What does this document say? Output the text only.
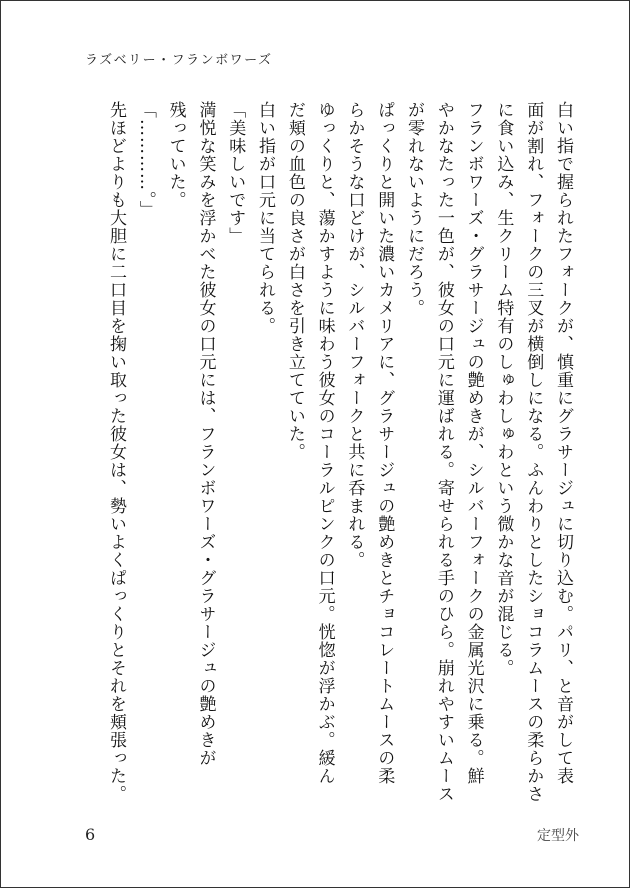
ラズベリー・フランボワーズ

白い指で握られたフォークが、慎重にグラサージュに切り込む。パリ、と音がして表

面が割れ、フォークの三叉が横倒しになる。ふんわりとしたショコラムースの柔らかさ

に食い込み、生クリーム特有のしゅわしゅわという微かな音が混じる。

フランボワーズ・グラサージュの艶めきが、シルバーフォークの金属光沢に乗る。鮮

やかなたった一色が、彼女の口元に運ばれる。寄せられる手のひら。崩れやすいムース

が零れないようにだろう。

ぱっくりと開いた濃いカメリアに、グラサージュの艶めきとチョコレートムースの柔

らかそうな口どけが、シルバーフォークと共に呑まれる。

ゆっくりと、蕩かすように味わう彼女のコーラルピンクの口元。恍惚が浮かぶ。緩ん

だ頬の血色の良さが白さを引き立てていた。

白い指が口元に当てられる。

「美味しいです」

満悦な笑みを浮かべた彼女の口元には、フランボワーズ・グラサージュの艶めきが

残っていた。

「…………。」

先ほどよりも大胆に二口目を掬い取った彼女は、勢いよくぱっくりとそれを頬張った。

6	定型外
